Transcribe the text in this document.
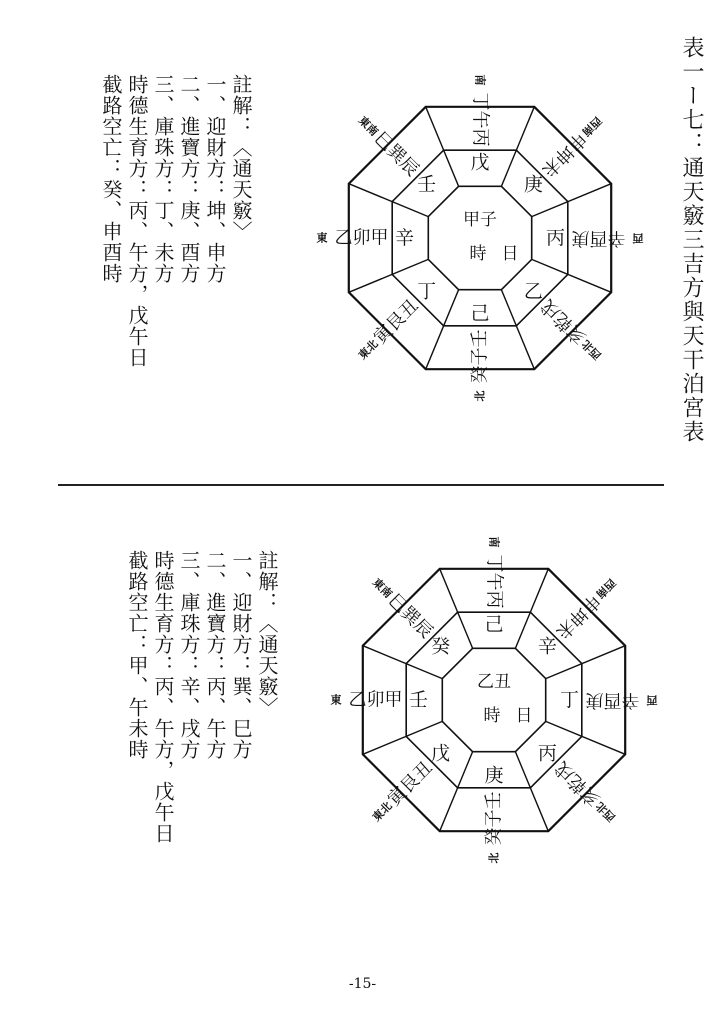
表一ー七：通天竅三吉方與天干泊宮表
註解：〈通天竅〉
一、迎財方：坤、申方
二、進寶方：庚、酉方
三、庫珠方：丁、未方
時德生育方：丙、午方，戊午日
截路空亡：癸、申酉時
註解：〈通天竅〉
一、迎財方：巽、巳方
二、進寶方：丙、午方
三、庫珠方：辛、戌方
時德生育方：丙、午方，戊午日
截路空亡：甲、午未時
-15-
丁午丙
戊
南
申坤未
庚
西南
辛酉庚
丙	西
亥乾戌
乙
西北
癸子壬
己
北
寅艮丑
丁
東北
乙卯甲 辛
東
巳巽辰
壬
東南
甲子
時 日
丁午丙
己
南
申坤未
辛
西南
辛酉庚
丁	西
亥乾戌
丙
西北
癸子壬
庚
北
寅艮丑
戊
東北
乙卯甲 壬
東
巳巽辰
癸
東南
乙丑
時 日
